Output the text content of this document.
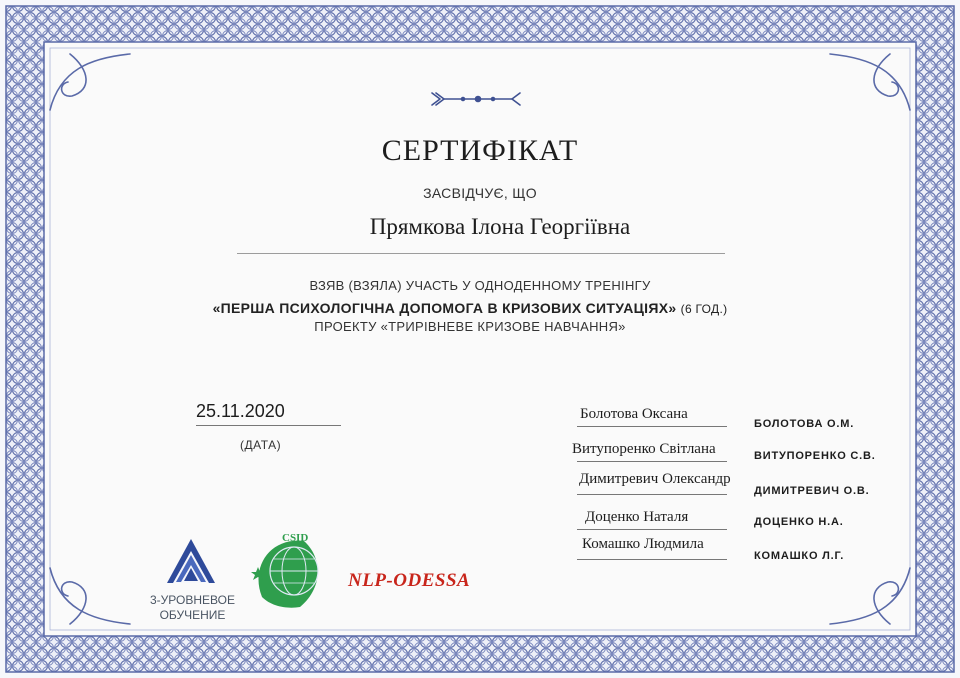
СЕРТИФІКАТ
ЗАСВІДЧУЄ, ЩО
Прямкова Ілона Георгіївна
ВЗЯВ (ВЗЯЛА) УЧАСТЬ У ОДНОДЕННОМУ ТРЕНІНГУ
«ПЕРША ПСИХОЛОГІЧНА ДОПОМОГА В КРИЗОВИХ СИТУАЦІЯХ» (6 ГОД.)
ПРОЕКТУ «ТРИРІВНЕВЕ КРИЗОВЕ НАВЧАННЯ»
25.11.2020
(ДАТА)
Болотова Оксана
БОЛОТОВА О.М.
Витупоренко Світлана	ВИТУПОРЕНКО С.В.
Димитревич Олександр
ДИМИТРЕВИЧ О.В.
Доценко Наталя	ДОЦЕНКО Н.А.
Комашко Людмила
КОМАШКО Л.Г.
3-УРОВНЕВОЕ
ОБУЧЕНИЕ
CSID
NLP-ODESSA
